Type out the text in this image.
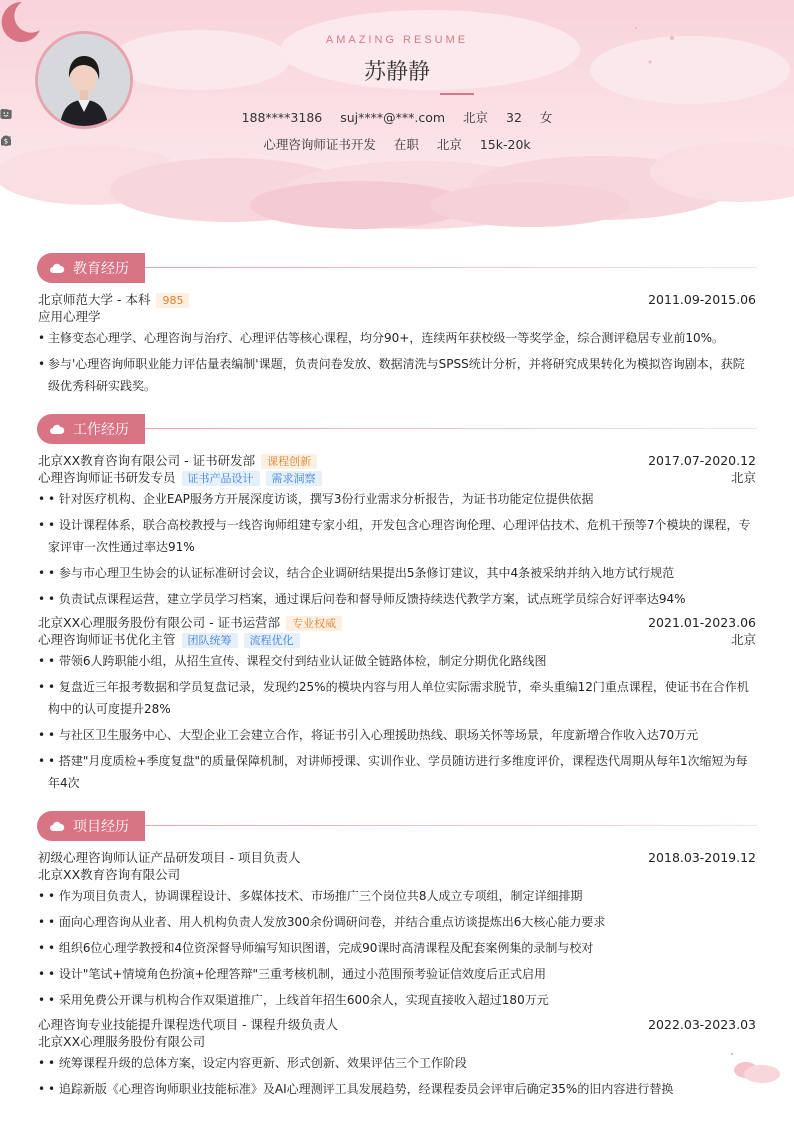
AMAZING RESUME
苏静静
188****3186
suj****@***.com
北京
32
女
心理咨询师证书开发
在职
北京

$	15k-20k
教育经历
北京师范大学 - 本科 985	2011.09-2015.06
应用心理学
• 主修变态心理学、心理咨询与治疗、心理评估等核心课程，均分90+，连续两年获校级一等奖学金，综合测评稳居专业前10%。
• 参与'心理咨询师职业能力评估量表编制'课题，负责问卷发放、数据清洗与SPSS统计分析，并将研究成果转化为模拟咨询剧本，获院级优秀科研实践奖。
工作经历
北京XX教育咨询有限公司 - 证书研发部 课程创新	2017.07-2020.12
心理咨询师证书研发专员 证书产品设计 需求洞察	北京
• • 针对医疗机构、企业EAP服务方开展深度访谈，撰写3份行业需求分析报告，为证书功能定位提供依据
• • 设计课程体系，联合高校教授与一线咨询师组建专家小组，开发包含心理咨询伦理、心理评估技术、危机干预等7个模块的课程，专家评审一次性通过率达91%
• • 参与市心理卫生协会的认证标准研讨会议，结合企业调研结果提出5条修订建议，其中4条被采纳并纳入地方试行规范
• • 负责试点课程运营，建立学员学习档案，通过课后问卷和督导师反馈持续迭代教学方案，试点班学员综合好评率达94%
北京XX心理服务股份有限公司 - 证书运营部 专业权威	2021.01-2023.06
心理咨询师证书优化主管 团队统筹 流程优化	北京
• • 带领6人跨职能小组，从招生宣传、课程交付到结业认证做全链路体检，制定分期优化路线图
• • 复盘近三年报考数据和学员复盘记录，发现约25%的模块内容与用人单位实际需求脱节，牵头重编12门重点课程，使证书在合作机构中的认可度提升28%
• • 与社区卫生服务中心、大型企业工会建立合作，将证书引入心理援助热线、职场关怀等场景，年度新增合作收入达70万元
• • 搭建"月度质检+季度复盘"的质量保障机制，对讲师授课、实训作业、学员随访进行多维度评价，课程迭代周期从每年1次缩短为每年4次
项目经历
初级心理咨询师认证产品研发项目 - 项目负责人	2018.03-2019.12
北京XX教育咨询有限公司
• • 作为项目负责人，协调课程设计、多媒体技术、市场推广三个岗位共8人成立专项组，制定详细排期
• • 面向心理咨询从业者、用人机构负责人发放300余份调研问卷，并结合重点访谈提炼出6大核心能力要求
• • 组织6位心理学教授和4位资深督导师编写知识图谱，完成90课时高清课程及配套案例集的录制与校对
• • 设计"笔试+情境角色扮演+伦理答辩"三重考核机制，通过小范围预考验证信效度后正式启用
• • 采用免费公开课与机构合作双渠道推广，上线首年招生600余人，实现直接收入超过180万元
心理咨询专业技能提升课程迭代项目 - 课程升级负责人	2022.03-2023.03
北京XX心理服务股份有限公司
• • 统筹课程升级的总体方案，设定内容更新、形式创新、效果评估三个工作阶段
• • 追踪新版《心理咨询师职业技能标准》及AI心理测评工具发展趋势，经课程委员会评审后确定35%的旧内容进行替换
